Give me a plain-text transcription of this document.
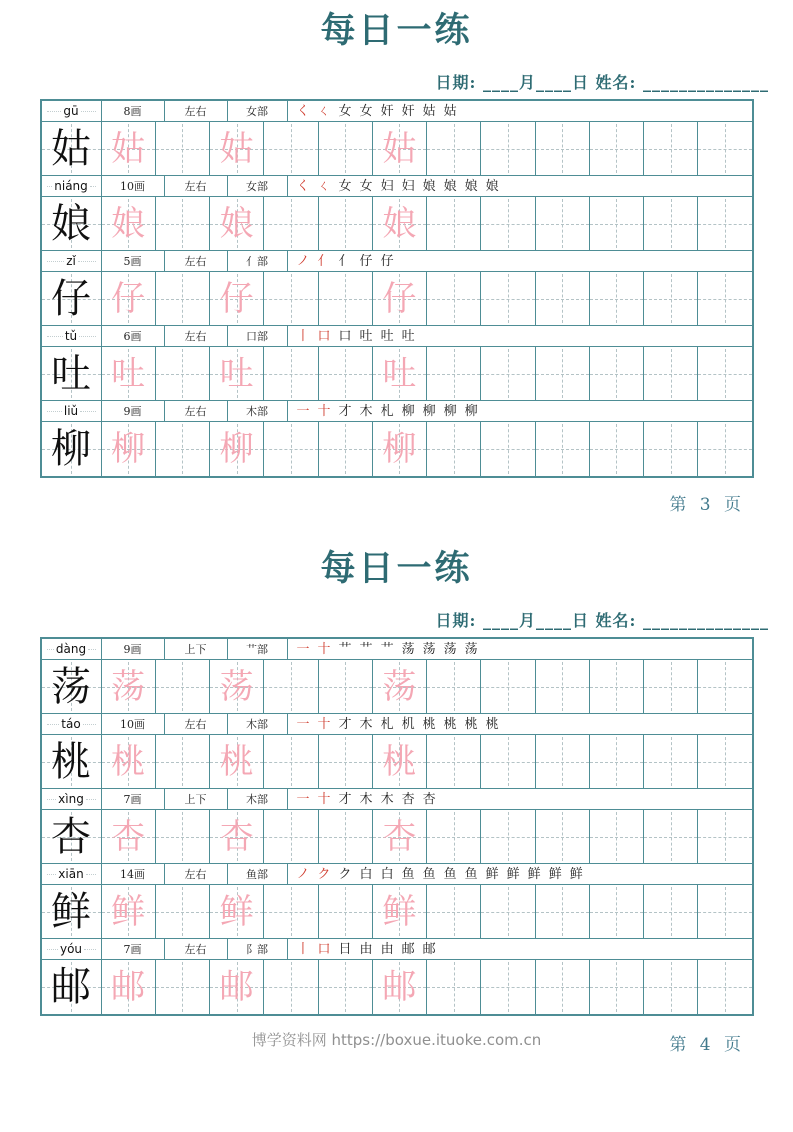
每日一练
日期: ____月____日 姓名: ______________
gū	8画	左右	女部	く ㄑ 女 女 奸 奸 姑 姑
姑 姑 姑	姑
niáng	10画	左右	女部	く ㄑ 女 女 妇 妇 娘 娘 娘 娘
娘 娘 娘	娘
zǐ	5画	左右	亻部	ノ 亻 亻 仔 仔
仔 仔 仔	仔
tǔ	6画	左右	口部	丨 口 口 吐 吐 吐
吐 吐 吐	吐
liǔ	9画	左右	木部	一 十 才 木 札 柳 柳 柳 柳
柳 柳 柳	柳
第 3 页
每日一练
日期: ____月____日 姓名: ______________
dàng	9画	上下	艹部	一 十 艹 艹 艹 荡 荡 荡 荡
荡 荡 荡	荡
táo	10画	左右	木部	一 十 才 木 札 机 桃 桃 桃 桃
桃 桃 桃	桃
xìng	7画	上下	木部	一 十 才 木 木 杏 杏
杏 杏 杏	杏
xiān	14画	左右	鱼部	ノ ク ク 白 白 鱼 鱼 鱼 鱼 鲜 鲜 鲜 鲜 鲜
鲜 鲜 鲜	鲜
yóu	7画	左右	阝部	丨 口 日 由 由 邮 邮
邮 邮 邮	邮
博学资料网 https://boxue.ituoke.com.cn	第 4 页
